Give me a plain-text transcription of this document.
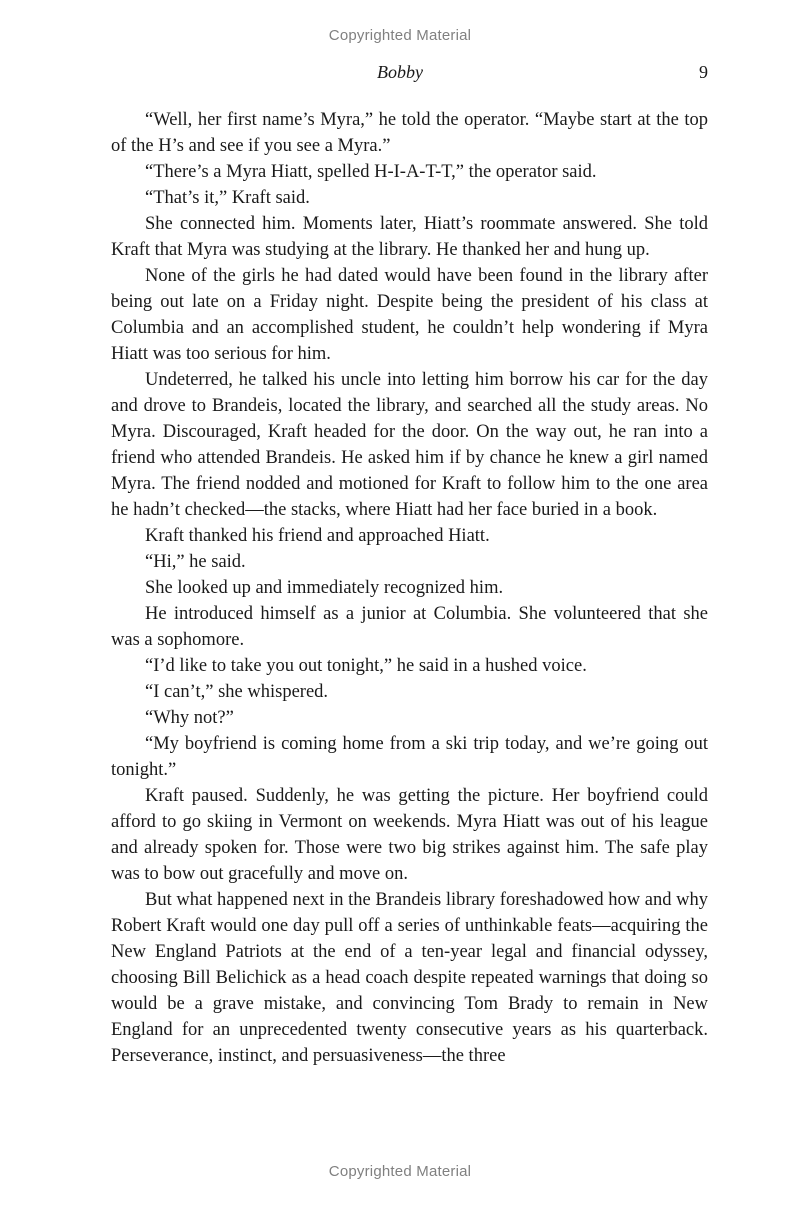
Copyrighted Material
Bobby	9

“Well, her first name’s Myra,” he told the operator. “Maybe start at the top of the H’s and see if you see a Myra.”

“There’s a Myra Hiatt, spelled H-I-A-T-T,” the operator said.

“That’s it,” Kraft said.

She connected him. Moments later, Hiatt’s roommate answered. She told Kraft that Myra was studying at the library. He thanked her and hung up.

None of the girls he had dated would have been found in the library after being out late on a Friday night. Despite being the president of his class at Columbia and an accomplished student, he couldn’t help wondering if Myra Hiatt was too serious for him.

Undeterred, he talked his uncle into letting him borrow his car for the day and drove to Brandeis, located the library, and searched all the study areas. No Myra. Discouraged, Kraft headed for the door. On the way out, he ran into a friend who attended Brandeis. He asked him if by chance he knew a girl named Myra. The friend nodded and motioned for Kraft to follow him to the one area he hadn’t checked—the stacks, where Hiatt had her face buried in a book.

Kraft thanked his friend and approached Hiatt.

“Hi,” he said.

She looked up and immediately recognized him.

He introduced himself as a junior at Columbia. She volunteered that she was a sophomore.

“I’d like to take you out tonight,” he said in a hushed voice.

“I can’t,” she whispered.

“Why not?”

“My boyfriend is coming home from a ski trip today, and we’re going out tonight.”

Kraft paused. Suddenly, he was getting the picture. Her boyfriend could afford to go skiing in Vermont on weekends. Myra Hiatt was out of his league and already spoken for. Those were two big strikes against him. The safe play was to bow out gracefully and move on.

But what happened next in the Brandeis library foreshadowed how and why Robert Kraft would one day pull off a series of unthinkable feats—acquiring the New England Patriots at the end of a ten-year legal and financial odyssey, choosing Bill Belichick as a head coach despite repeated warnings that doing so would be a grave mistake, and convincing Tom Brady to remain in New England for an unprecedented twenty consecutive years as his quarterback. Perseverance, instinct, and persuasiveness—the three

Copyrighted Material
